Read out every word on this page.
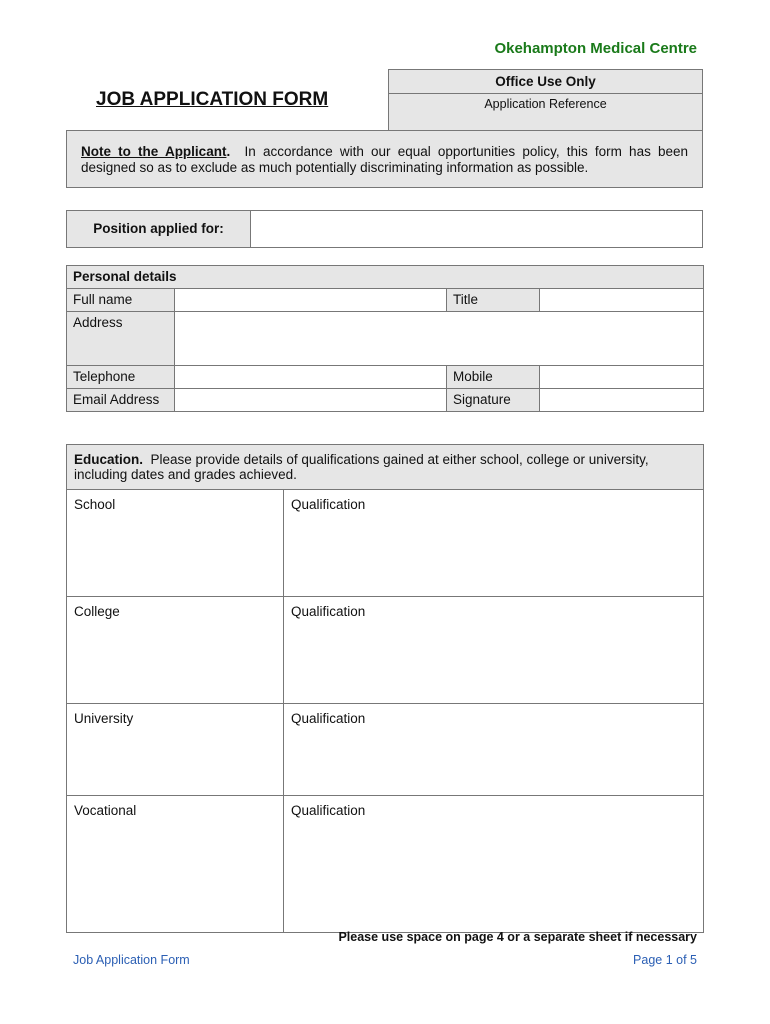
Okehampton Medical Centre
Office Use Only
Application Reference
JOB APPLICATION FORM
Note to the Applicant. In accordance with our equal opportunities policy, this form has been designed so as to exclude as much potentially discriminating information as possible.
Position applied for:
Personal details			
Full name		Title	
Address			
Telephone		Mobile	
Email Address		Signature	
Education. Please provide details of qualifications gained at either school, college or university, including dates and grades achieved.	
School	Qualification
College	Qualification
University	Qualification
Vocational	Qualification
Please use space on page 4 or a separate sheet if necessary
Job Application Form	Page 1 of 5
